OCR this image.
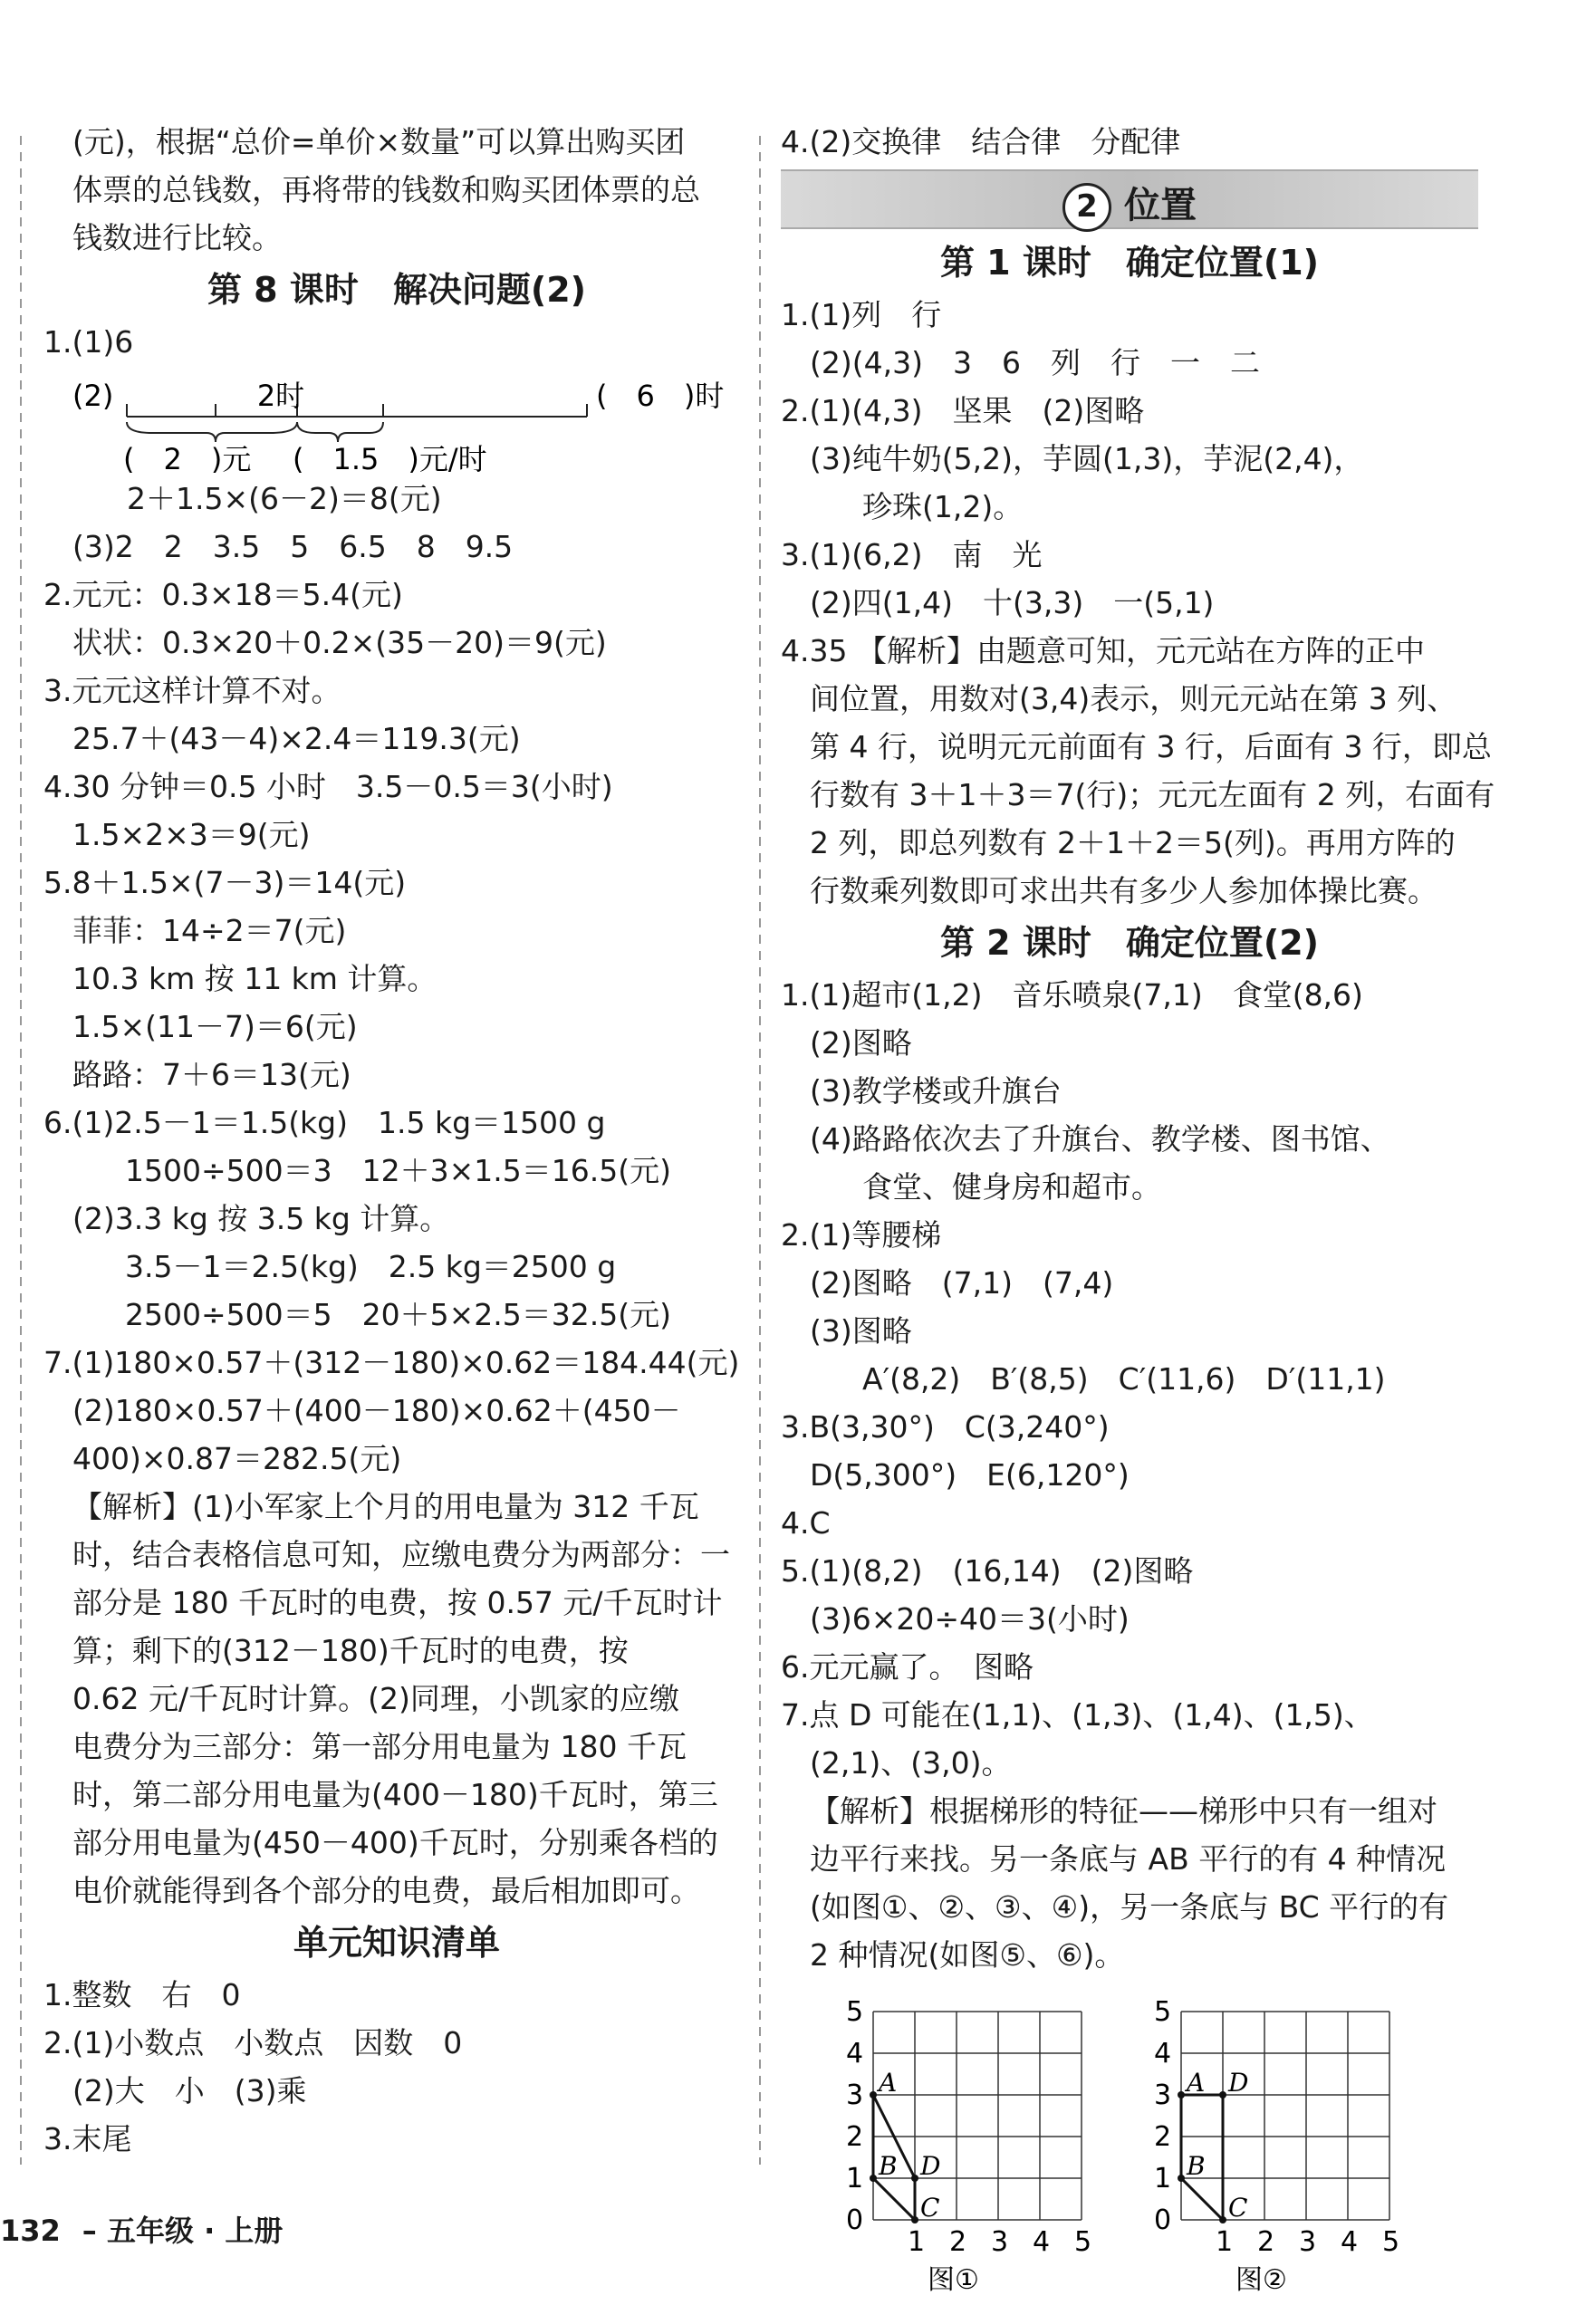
(元)，根据“总价=单价×数量”可以算出购买团
体票的总钱数，再将带的钱数和购买团体票的总
钱数进行比较。
第 8 课时　解决问题(2)
1.(1)6
(2)	2时	(　6　)时
(　2　)元 (　1.5　)元/时
2＋1.5×(6－2)＝8(元)
(3)2　2　3.5　5　6.5　8　9.5
2.元元：0.3×18＝5.4(元)
状状：0.3×20＋0.2×(35－20)＝9(元)
3.元元这样计算不对。
25.7＋(43－4)×2.4＝119.3(元)
4.30 分钟＝0.5 小时　3.5－0.5＝3(小时)
1.5×2×3＝9(元)
5.8＋1.5×(7－3)＝14(元)
菲菲：14÷2＝7(元)
10.3 km 按 11 km 计算。
1.5×(11－7)＝6(元)
路路：7＋6＝13(元)
6.(1)2.5－1＝1.5(kg)　1.5 kg＝1500 g
1500÷500＝3　12＋3×1.5＝16.5(元)
(2)3.3 kg 按 3.5 kg 计算。
3.5－1＝2.5(kg)　2.5 kg＝2500 g
2500÷500＝5　20＋5×2.5＝32.5(元)
7.(1)180×0.57＋(312－180)×0.62＝184.44(元)
(2)180×0.57＋(400－180)×0.62＋(450－
400)×0.87＝282.5(元)
【解析】(1)小军家上个月的用电量为 312 千瓦
时，结合表格信息可知，应缴电费分为两部分：一
部分是 180 千瓦时的电费，按 0.57 元/千瓦时计
算；剩下的(312－180)千瓦时的电费，按
0.62 元/千瓦时计算。(2)同理，小凯家的应缴
电费分为三部分：第一部分用电量为 180 千瓦
时，第二部分用电量为(400－180)千瓦时，第三
部分用电量为(450－400)千瓦时，分别乘各档的
电价就能得到各个部分的电费，最后相加即可。
单元知识清单
1.整数　右　0
2.(1)小数点　小数点　因数　0
(2)大　小　(3)乘
3.末尾
4.(2)交换律　结合律　分配律
2 位置
第 1 课时　确定位置(1)
1.(1)列　行
(2)(4,3)　3　6　列　行　一　二
2.(1)(4,3)　坚果　(2)图略
(3)纯牛奶(5,2)，芋圆(1,3)，芋泥(2,4)，
珍珠(1,2)。
3.(1)(6,2)　南　光
(2)四(1,4)　十(3,3)　一(5,1)
4.35 【解析】由题意可知，元元站在方阵的正中
间位置，用数对(3,4)表示，则元元站在第 3 列、
第 4 行，说明元元前面有 3 行，后面有 3 行，即总
行数有 3＋1＋3＝7(行)；元元左面有 2 列，右面有
2 列，即总列数有 2＋1＋2＝5(列)。再用方阵的
行数乘列数即可求出共有多少人参加体操比赛。
第 2 课时　确定位置(2)
1.(1)超市(1,2)　音乐喷泉(7,1)　食堂(8,6)
(2)图略
(3)教学楼或升旗台
(4)路路依次去了升旗台、教学楼、图书馆、
食堂、健身房和超市。
2.(1)等腰梯
(2)图略　(7,1)　(7,4)
(3)图略
A′(8,2)　B′(8,5)　C′(11,6)　D′(11,1)
3.B(3,30°)　C(3,240°)
D(5,300°)　E(6,120°)
4.C
5.(1)(8,2)　(16,14)　(2)图略
(3)6×20÷40＝3(小时)
6.元元赢了。　图略
7.点 D 可能在(1,1)、(1,3)、(1,4)、(1,5)、
(2,1)、(3,0)。
【解析】根据梯形的特征——梯形中只有一组对
边平行来找。另一条底与 AB 平行的有 4 种情况
(如图①、②、③、④)，另一条底与 BC 平行的有
2 种情况(如图⑤、⑥)。
5
4
3
2
1
0
1 2 3 4 5
A
B
C
D
图①
5
4
3
2
1
0
1 2 3 4 5
A
B
C
D
图②
132 – 五年级 · 上册
